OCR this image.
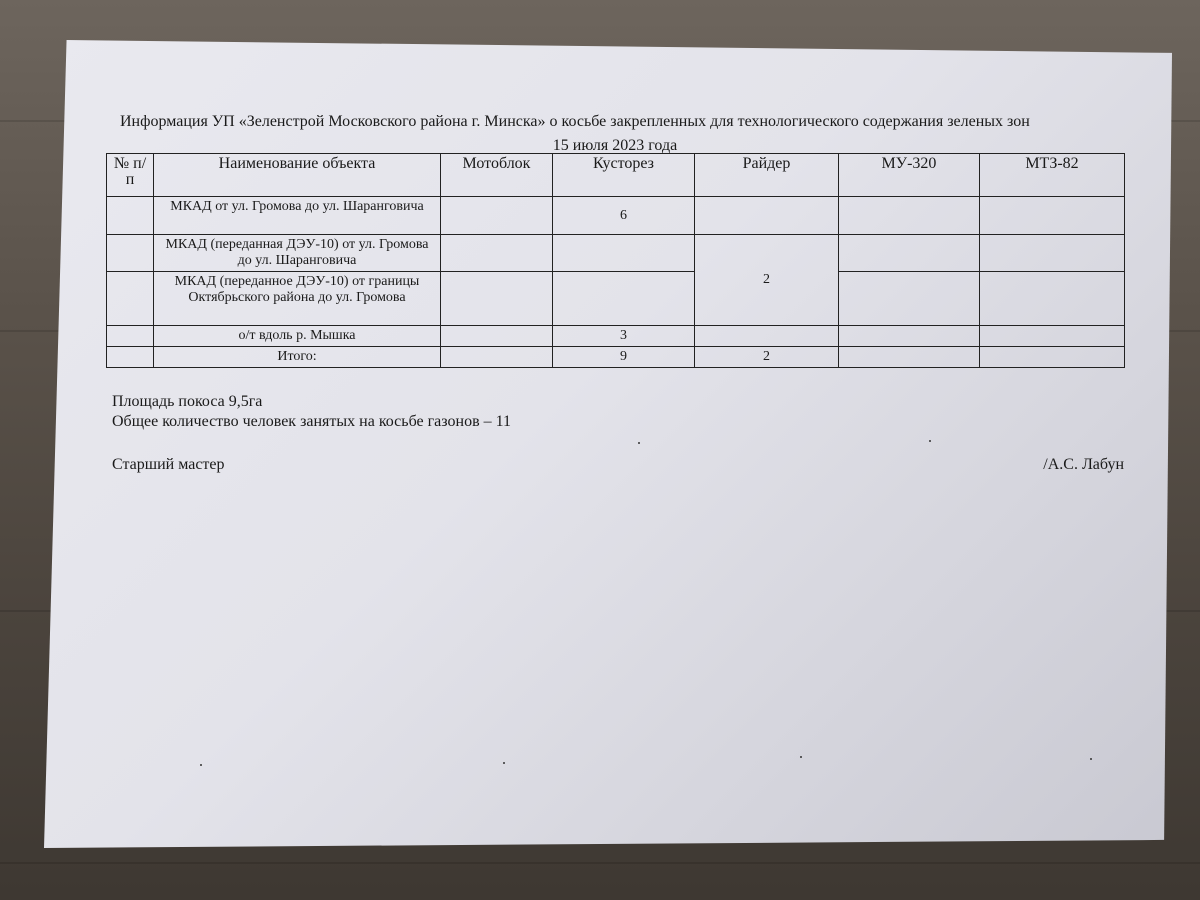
Информация УП «Зеленстрой Московского района г. Минска» о косьбе закрепленных для технологического содержания зеленых зон

15 июля 2023 года
№ п/п	Наименование объекта	Мотоблок	Кусторез	Райдер	МУ-320	МТЗ-82
	МКАД от ул. Громова до ул. Шаранговича		6			
	МКАД (переданная ДЭУ-10) от ул. Громова до ул. Шаранговича			2		
	МКАД (переданное ДЭУ-10) от границы Октябрьского района до ул. Громова					
	о/т вдоль р. Мышка		3			
	Итого:		9	2		
Площадь покоса 9,5га
Общее количество человек занятых на косьбе газонов – 11
Старший мастер	/А.С. Лабун
